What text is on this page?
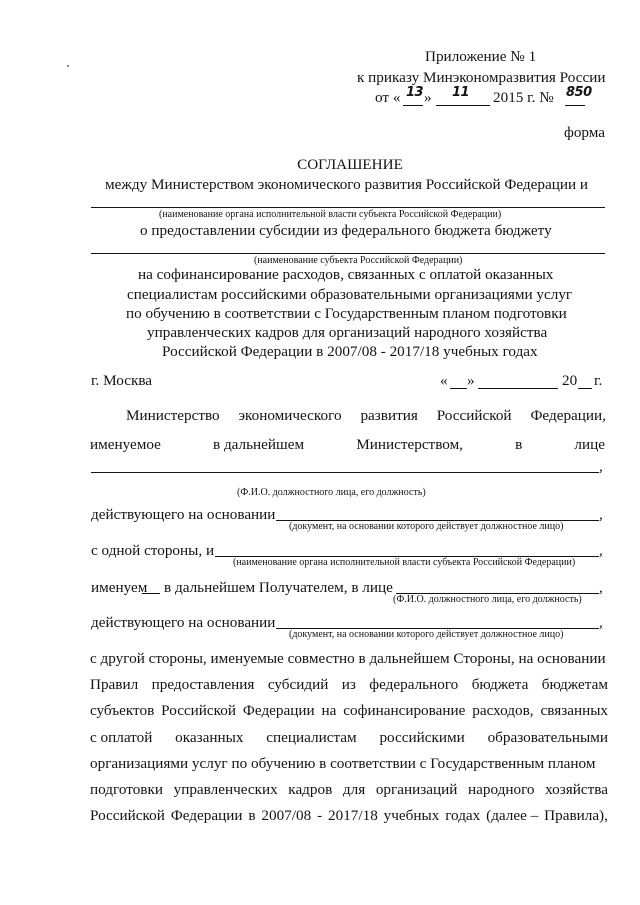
Приложение № 1
к приказу Минэкономразвития России
от « 13 » 11 2015 г. № 850
форма
СОГЛАШЕНИЕ
между Министерством экономического развития Российской Федерации и
(наименование органа исполнительной власти субъекта Российской Федерации)
о предоставлении субсидии из федерального бюджета бюджету
(наименование субъекта Российской Федерации)
на софинансирование расходов, связанных с оплатой оказанных
специалистам российскими образовательными организациями услуг
по обучению в соответствии с Государственным планом подготовки
управленческих кадров для организаций народного хозяйства
Российской Федерации в 2007/08 - 2017/18 учебных годах
г. Москва	« »	20 г.
Министерство экономического развития Российской Федерации,
именуемое	в дальнейшем	Министерством,	в	лице
,
(Ф.И.О. должностного лица, его должность)
действующего на основании	,
(документ, на основании которого действует должностное лицо)
с одной стороны, и	,
(наименование органа исполнительной власти субъекта Российской Федерации)
именуем в дальнейшем Получателем, в лице	,
(Ф.И.О. должностного лица, его должность)
действующего на основании	,
(документ, на основании которого действует должностное лицо)
с другой стороны, именуемые совместно в дальнейшем Стороны, на основании
Правил предоставления субсидий из федерального бюджета бюджетам
субъектов Российской Федерации на софинансирование расходов, связанных
с оплатой оказанных специалистам российскими образовательными
организациями услуг по обучению в соответствии с Государственным планом
подготовки управленческих кадров для организаций народного хозяйства
Российской Федерации в 2007/08 - 2017/18 учебных годах (далее – Правила),
